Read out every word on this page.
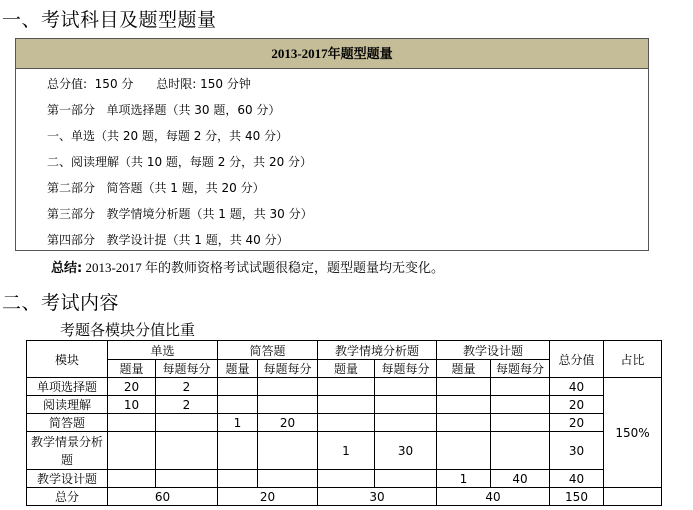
一、考试科目及题型题量
2013-2017年题型题量
总分值:  150 分      总时限: 150 分钟
第一部分   单项选择题（共 30 题，60 分）
一、单选（共 20 题，每题 2 分，共 40 分）
二、阅读理解（共 10 题，每题 2 分，共 20 分）
第二部分   简答题（共 1 题，共 20 分）
第三部分   教学情境分析题（共 1 题，共 30 分）
第四部分   教学设计提（共 1 题，共 40 分）
总结: 2013-2017 年的教师资格考试试题很稳定，题型题量均无变化。
二、考试内容
考题各模块分值比重
模块	单选		简答题		教学情境分析题		教学设计题		总分值	占比
	题量	每题每分	题量	每题每分	题量	每题每分	题量	每题每分		
单项选择题	20	2							40	150%
阅读理解	10	2							20	
简答题			1	20					20	
教学情景分析题					1	30			30	
教学设计题							1	40	40	
总分	60		20		30		40		150	
